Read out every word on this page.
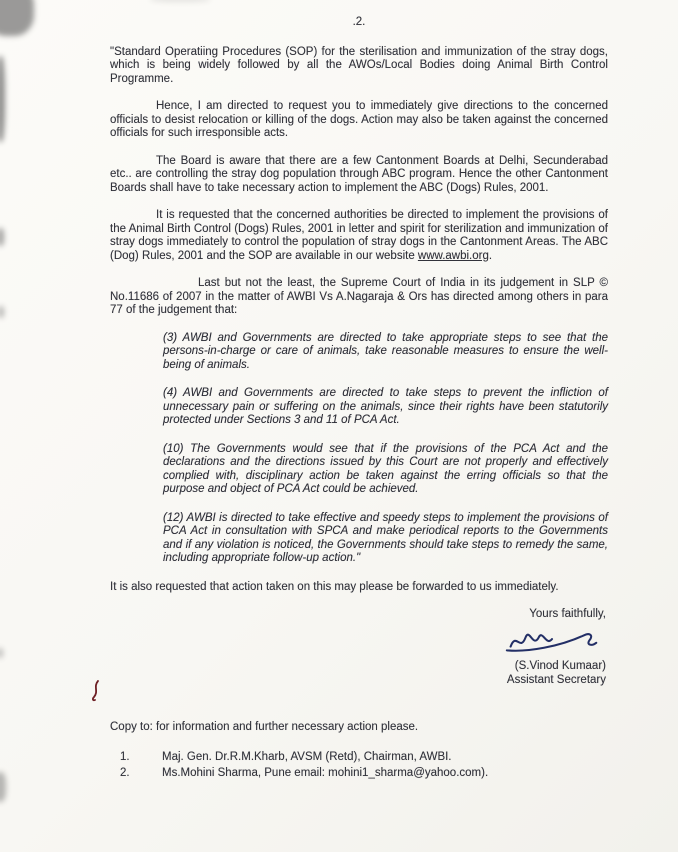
.2.

"Standard Operatiing Procedures (SOP) for the sterilisation and immunization of the stray dogs, which is being widely followed by all the AWOs/Local Bodies doing Animal Birth Control Programme.

Hence, I am directed to request you to immediately give directions to the concerned officials to desist relocation or killing of the dogs. Action may also be taken against the concerned officials for such irresponsible acts.

The Board is aware that there are a few Cantonment Boards at Delhi, Secunderabad etc.. are controlling the stray dog population through ABC program. Hence the other Cantonment Boards shall have to take necessary action to implement the ABC (Dogs) Rules, 2001.

It is requested that the concerned authorities be directed to implement the provisions of the Animal Birth Control (Dogs) Rules, 2001 in letter and spirit for sterilization and immunization of stray dogs immediately to control the population of stray dogs in the Cantonment Areas. The ABC (Dog) Rules, 2001 and the SOP are available in our website www.awbi.org.

Last but not the least, the Supreme Court of India in its judgement in SLP © No.11686 of 2007 in the matter of AWBI Vs A.Nagaraja & Ors has directed among others in para 77 of the judgement that:

(3) AWBI and Governments are directed to take appropriate steps to see that the persons-in-charge or care of animals, take reasonable measures to ensure the well-being of animals.

(4) AWBI and Governments are directed to take steps to prevent the infliction of unnecessary pain or suffering on the animals, since their rights have been statutorily protected under Sections 3 and 11 of PCA Act.

(10) The Governments would see that if the provisions of the PCA Act and the declarations and the directions issued by this Court are not properly and effectively complied with, disciplinary action be taken against the erring officials so that the purpose and object of PCA Act could be achieved.

(12) AWBI is directed to take effective and speedy steps to implement the provisions of PCA Act in consultation with SPCA and make periodical reports to the Governments and if any violation is noticed, the Governments should take steps to remedy the same, including appropriate follow-up action."

It is also requested that action taken on this may please be forwarded to us immediately.

Yours faithfully,
(S.Vinod Kumaar)
Assistant Secretary
Copy to: for information and further necessary action please.
1.	Maj. Gen. Dr.R.M.Kharb, AVSM (Retd), Chairman, AWBI.
2.	Ms.Mohini Sharma, Pune email: mohini1_sharma@yahoo.com).
